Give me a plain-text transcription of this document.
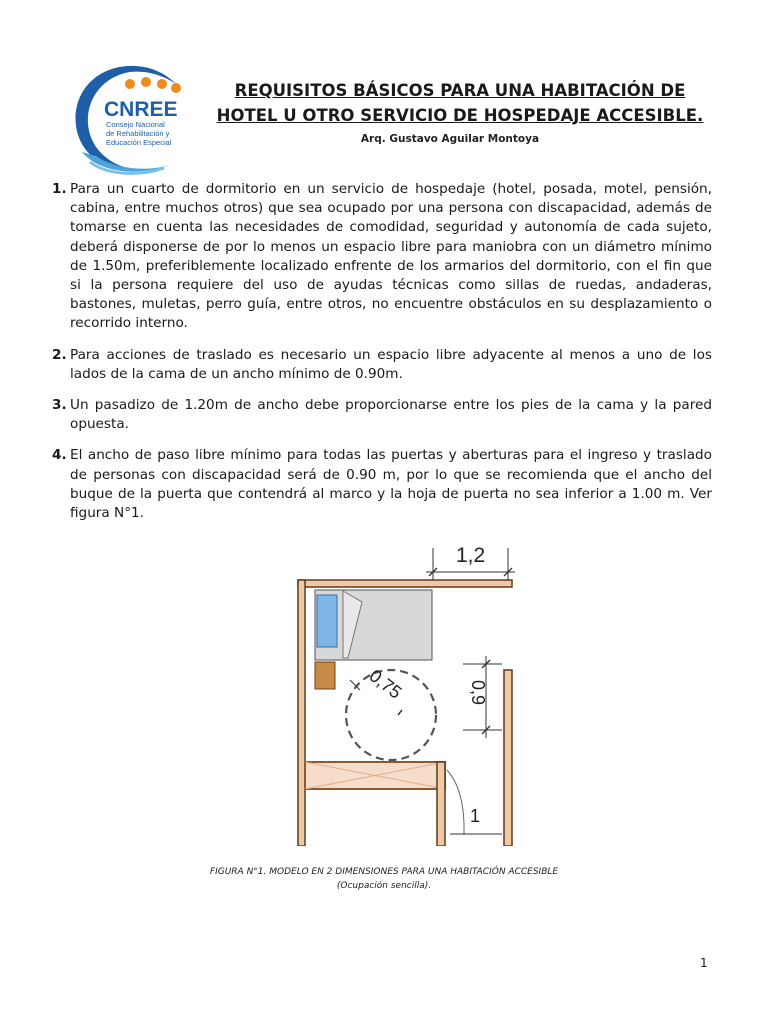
CNREE
Consejo Nacional
de Rehabilitación y
Educación Especial
REQUISITOS BÁSICOS PARA UNA HABITACIÓN DE
HOTEL U OTRO SERVICIO DE HOSPEDAJE ACCESIBLE.
Arq. Gustavo Aguilar Montoya
1. Para un cuarto de dormitorio en un servicio de hospedaje (hotel, posada, motel, pensión, cabina, entre muchos otros) que sea ocupado por una persona con discapacidad, además de tomarse en cuenta las necesidades de comodidad, seguridad y autonomía de cada sujeto, deberá disponerse de por lo menos un espacio libre para maniobra con un diámetro mínimo de 1.50m, preferiblemente localizado enfrente de los armarios del dormitorio, con el fin que si la persona requiere del uso de ayudas técnicas como sillas de ruedas, andaderas, bastones, muletas, perro guía, entre otros, no encuentre obstáculos en su desplazamiento o recorrido interno.
2. Para acciones de traslado es necesario un espacio libre adyacente al menos a uno de los lados de la cama de un ancho mínimo de 0.90m.
3. Un pasadizo de 1.20m de ancho debe proporcionarse entre los pies de la cama y la pared opuesta.
4. El ancho de paso libre mínimo para todas las puertas y aberturas para el ingreso y traslado de personas con discapacidad será de 0.90 m, por lo que se recomienda que el ancho del buque de la puerta que contendrá al marco y la hoja de puerta no sea inferior a 1.00 m. Ver figura N°1.
1,2
0,75	0,9
1
FIGURA N°1. MODELO EN 2 DIMENSIONES PARA UNA HABITACIÓN ACCESIBLE
(Ocupación sencilla).
1
